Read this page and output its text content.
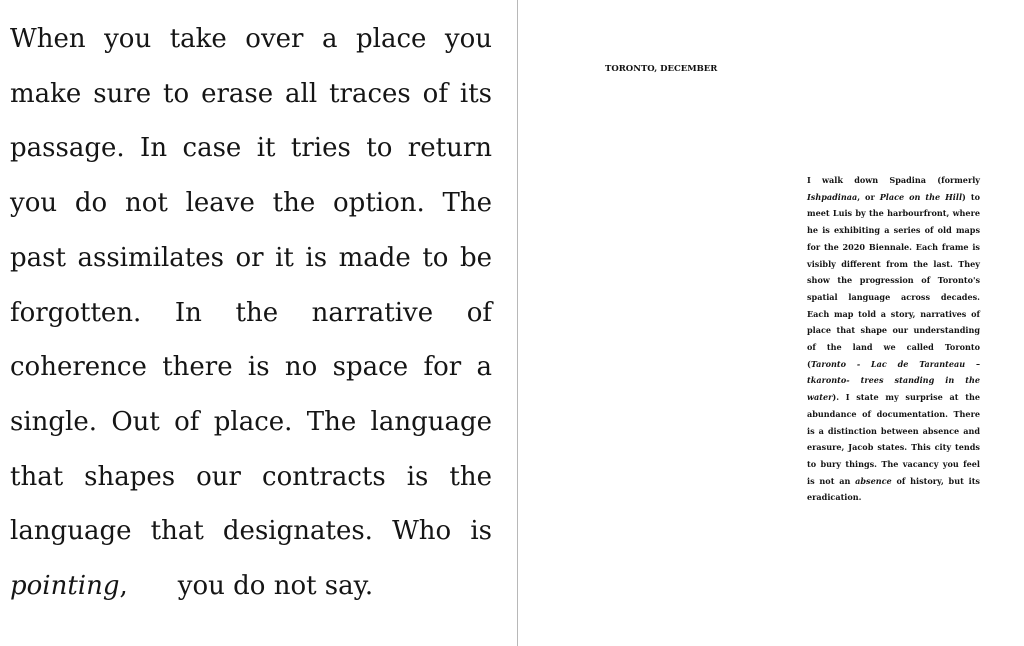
When you take over a place you make sure to erase all traces of its passage. In case it tries to return you do not leave the option. The past assimilates or it is made to be forgotten. In the narrative of coherence there is no space for a single. Out of place. The language that shapes our contracts is the language that designates. Who is pointing, you do not say.

TORONTO, DECEMBER

I walk down Spadina (formerly Ishpadinaa, or Place on the Hill) to meet Luis by the harbourfront, where he is exhibiting a series of old maps for the 2020 Biennale. Each frame is visibly different from the last. They show the progression of Toronto's spatial language across decades. Each map told a story, narratives of place that shape our understanding of the land we called Toronto (Taronto - Lac de Taranteau – tkaronto- trees standing in the water). I state my surprise at the abundance of documentation. There is a distinction between absence and erasure, Jacob states. This city tends to bury things. The vacancy you feel is not an absence of history, but its eradication.
